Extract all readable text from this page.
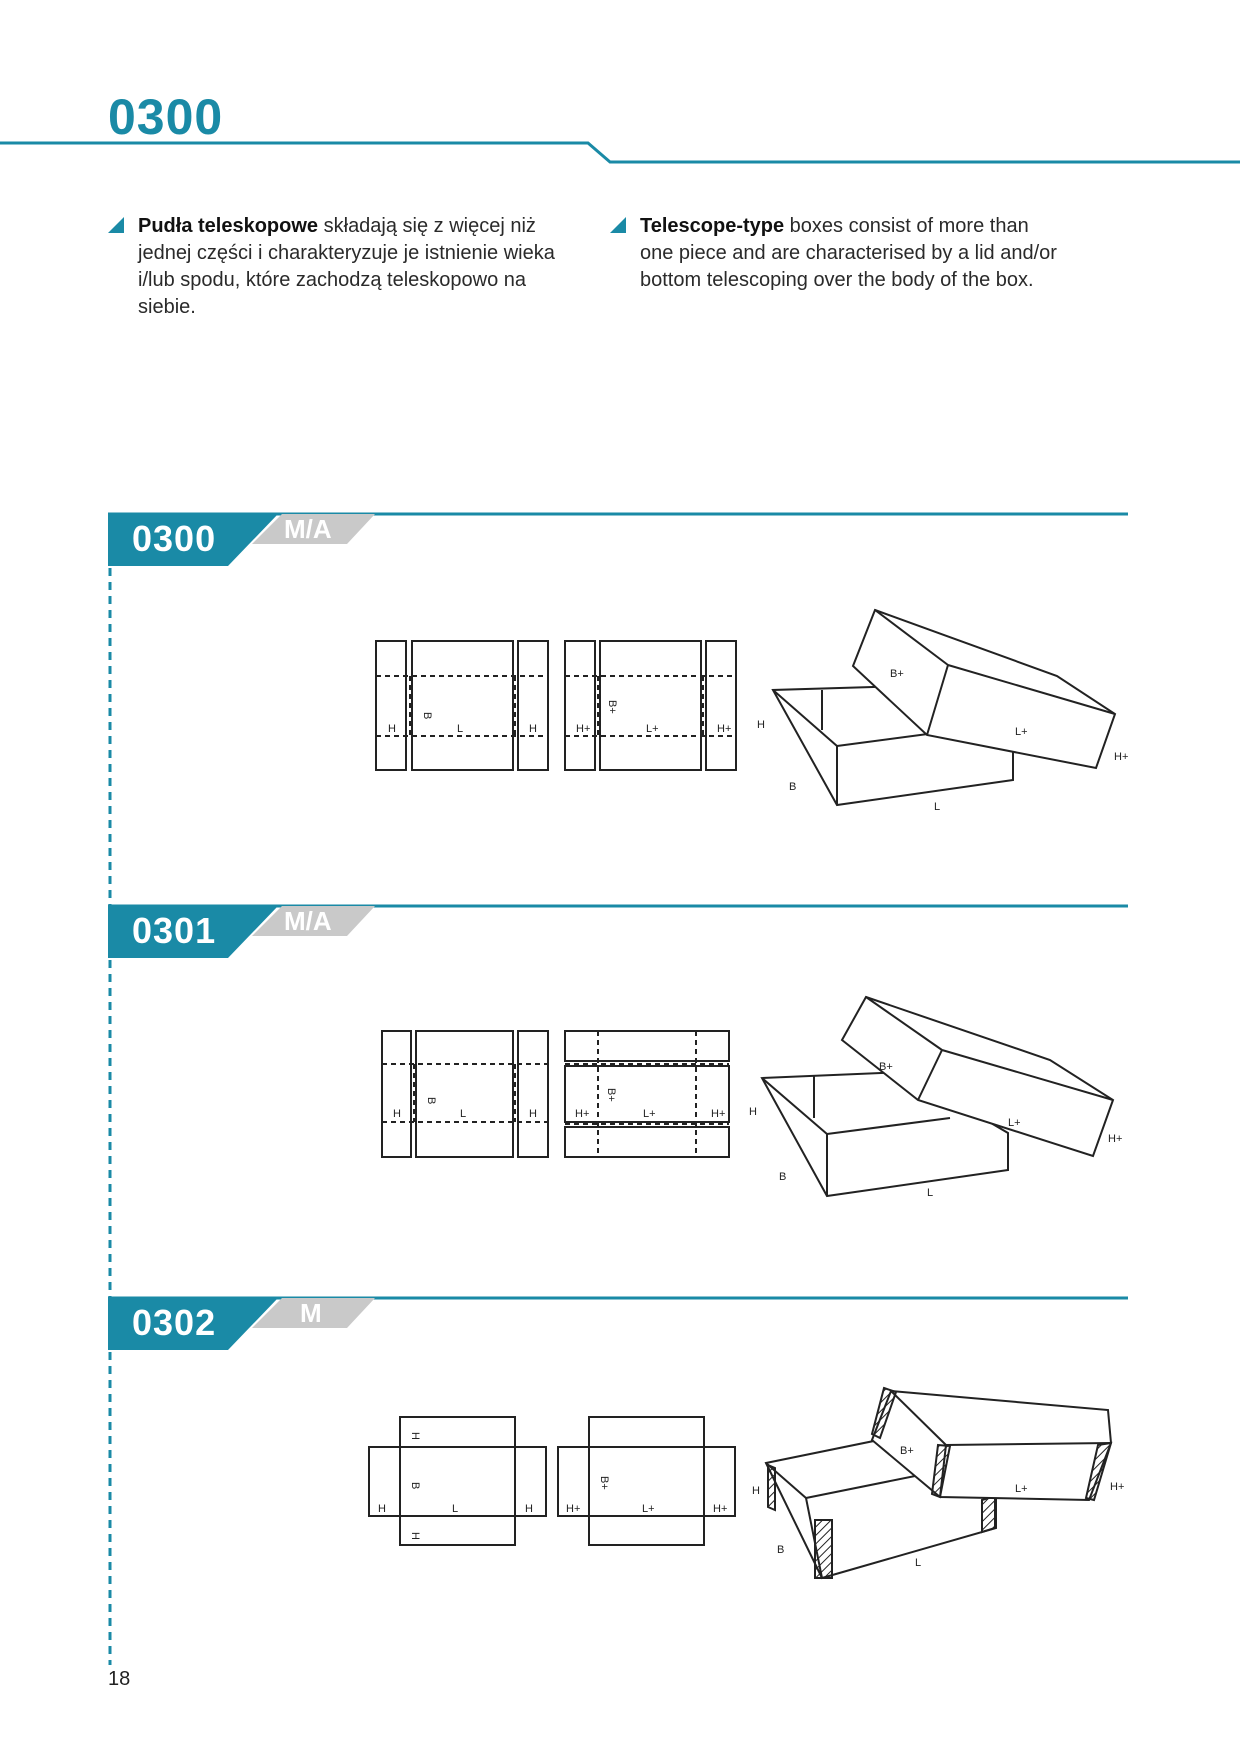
0300
Pudła teleskopowe składają się z więcej niż
jednej części i charakteryzuje je istnienie wieka
i/lub spodu, które zachodzą teleskopowo na
siebie.
Telescope-type boxes consist of more than
one piece and are characterised by a lid and/or
bottom telescoping over the body of the box.
0300	M/A
0301	M/A
0302	M
H	L	H
B
H+	L+	H+
B+
H
B
L
B+
L+
H+
H	L	H
B
H+	L+	H+
B+
H
B
L
B+
L+
H+
H	L	H
B
H
H
H+	L+	H+
B+
H
B
L
B+
L+	H+
18
